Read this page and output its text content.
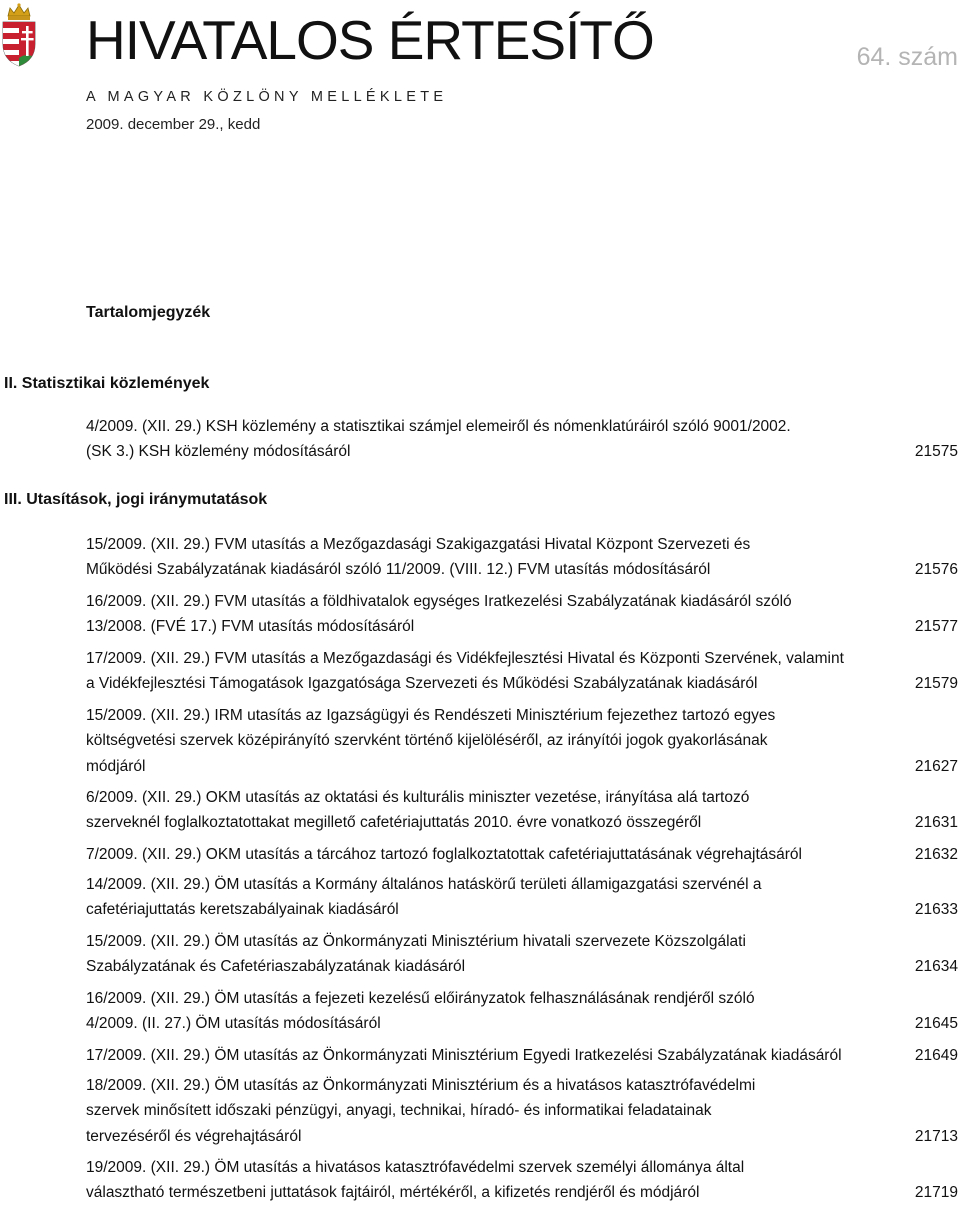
HIVATALOS ÉRTESÍTŐ	64. szám
A MAGYAR KÖZLÖNY MELLÉKLETE
2009. december 29., kedd
Tartalomjegyzék
II. Statisztikai közlemények
4/2009. (XII. 29.) KSH közlemény a statisztikai számjel elemeiről és nómenklatúráiról szóló 9001/2002.
(SK 3.) KSH közlemény módosításáról	21575
III. Utasítások, jogi iránymutatások
15/2009. (XII. 29.) FVM utasítás a Mezőgazdasági Szakigazgatási Hivatal Központ Szervezeti és
Működési Szabályzatának kiadásáról szóló 11/2009. (VIII. 12.) FVM utasítás módosításáról	21576
16/2009. (XII. 29.) FVM utasítás a földhivatalok egységes Iratkezelési Szabályzatának kiadásáról szóló
13/2008. (FVÉ 17.) FVM utasítás módosításáról	21577
17/2009. (XII. 29.) FVM utasítás a Mezőgazdasági és Vidékfejlesztési Hivatal és Központi Szervének, valamint
a Vidékfejlesztési Támogatások Igazgatósága Szervezeti és Működési Szabályzatának kiadásáról	21579
15/2009. (XII. 29.) IRM utasítás az Igazságügyi és Rendészeti Minisztérium fejezethez tartozó egyes
költségvetési szervek középirányító szervként történő kijelöléséről, az irányítói jogok gyakorlásának
módjáról	21627
6/2009. (XII. 29.) OKM utasítás az oktatási és kulturális miniszter vezetése, irányítása alá tartozó
szerveknél foglalkoztatottakat megillető cafetériajuttatás 2010. évre vonatkozó összegéről	21631
7/2009. (XII. 29.) OKM utasítás a tárcához tartozó foglalkoztatottak cafetériajuttatásának végrehajtásáról	21632
14/2009. (XII. 29.) ÖM utasítás a Kormány általános hatáskörű területi államigazgatási szervénél a
cafetériajuttatás keretszabályainak kiadásáról	21633
15/2009. (XII. 29.) ÖM utasítás az Önkormányzati Minisztérium hivatali szervezete Közszolgálati
Szabályzatának és Cafetériaszabályzatának kiadásáról	21634
16/2009. (XII. 29.) ÖM utasítás a fejezeti kezelésű előirányzatok felhasználásának rendjéről szóló
4/2009. (II. 27.) ÖM utasítás módosításáról	21645
17/2009. (XII. 29.) ÖM utasítás az Önkormányzati Minisztérium Egyedi Iratkezelési Szabályzatának kiadásáról	21649
18/2009. (XII. 29.) ÖM utasítás az Önkormányzati Minisztérium és a hivatásos katasztrófavédelmi
szervek minősített időszaki pénzügyi, anyagi, technikai, híradó- és informatikai feladatainak
tervezéséről és végrehajtásáról	21713
19/2009. (XII. 29.) ÖM utasítás a hivatásos katasztrófavédelmi szervek személyi állománya által
választható természetbeni juttatások fajtáiról, mértékéről, a kifizetés rendjéről és módjáról	21719
